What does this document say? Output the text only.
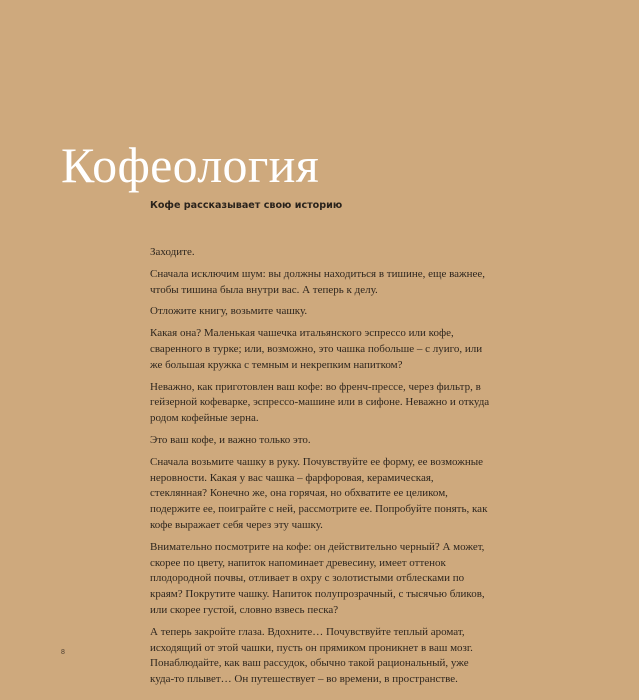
Кофеология
Кофе рассказывает свою историю

Заходите.

Сначала исключим шум: вы должны находиться в тишине, еще важнее, чтобы тишина была внутри вас. А теперь к делу.

Отложите книгу, возьмите чашку.

Какая она? Маленькая чашечка итальянского эспрессо или кофе, сваренного в турке; или, возможно, это чашка побольше – с луиго, или же большая кружка с темным и некрепким напитком?

Неважно, как приготовлен ваш кофе: во френч-прессе, через фильтр, в гейзерной кофеварке, эспрессо-машине или в сифоне. Неважно и откуда родом кофейные зерна.

Это ваш кофе, и важно только это.

Сначала возьмите чашку в руку. Почувствуйте ее форму, ее возможные неровности. Какая у вас чашка – фарфоровая, керамическая, стеклянная? Конечно же, она горячая, но обхватите ее целиком, подержите ее, поиграйте с ней, рассмотрите ее. Попробуйте понять, как кофе выражает себя через эту чашку.

Внимательно посмотрите на кофе: он действительно черный? А может, скорее по цвету, напиток напоминает древесину, имеет оттенок плодородной почвы, отливает в охру с золотистыми отблесками по краям? Покрутите чашку. Напиток полупрозрачный, с тысячью бликов, или скорее густой, словно взвесь песка?

А теперь закройте глаза. Вдохните… Почувствуйте теплый аромат, исходящий от этой чашки, пусть он прямиком проникнет в ваш мозг. Понаблюдайте, как ваш рассудок, обычно такой рациональный, уже куда-то плывет… Он путешествует – во времени, в пространстве.

8
